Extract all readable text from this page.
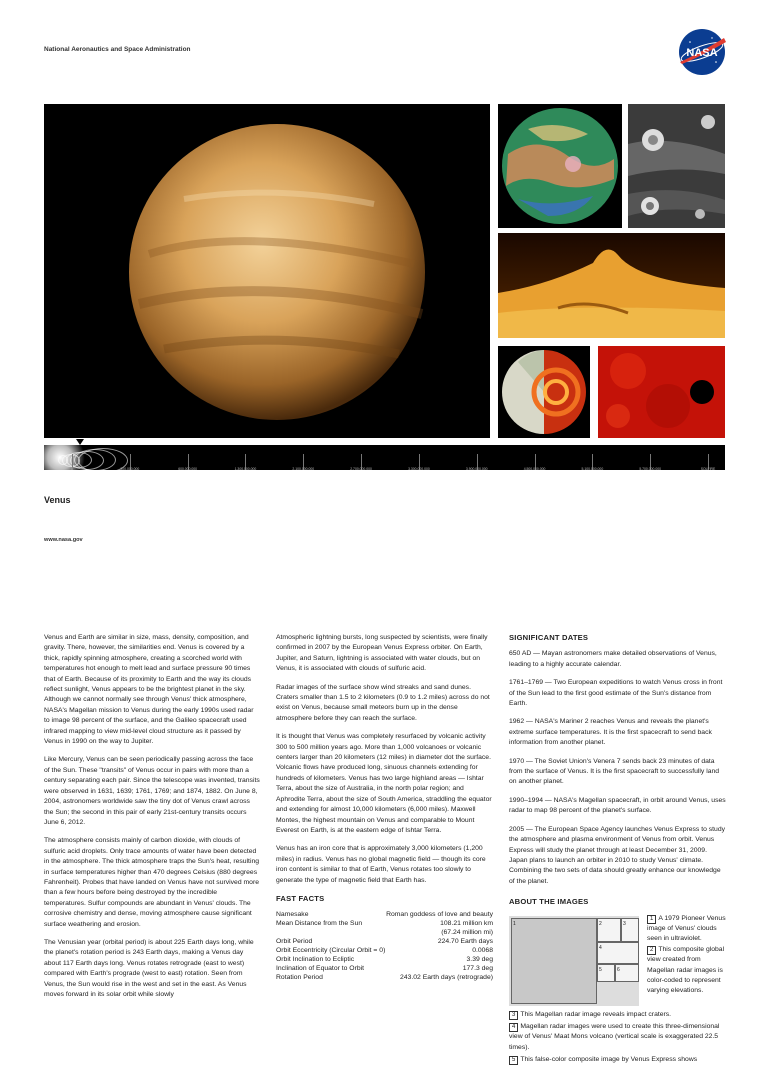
National Aeronautics and Space Administration	NASA
0	300,000,000	600,000,000	1,300,000,000	2,100,000,000	2,700,000,000	3,300,000,000	3,900,000,000	4,500,000,000	5,100,000,000	5,700,000,000	SOLFIRE
Venus
www.nasa.gov

Venus and Earth are similar in size, mass, density, composition, and gravity. There, however, the similarities end. Venus is covered by a thick, rapidly spinning atmosphere, creating a scorched world with temperatures hot enough to melt lead and surface pressure 90 times that of Earth. Because of its proximity to Earth and the way its clouds reflect sunlight, Venus appears to be the brightest planet in the sky. Although we cannot normally see through Venus' thick atmosphere, NASA's Magellan mission to Venus during the early 1990s used radar to image 98 percent of the surface, and the Galileo spacecraft used infrared mapping to view mid-level cloud structure as it passed by Venus in 1990 on the way to Jupiter.

Like Mercury, Venus can be seen periodically passing across the face of the Sun. These "transits" of Venus occur in pairs with more than a century separating each pair. Since the telescope was invented, transits were observed in 1631, 1639; 1761, 1769; and 1874, 1882. On June 8, 2004, astronomers worldwide saw the tiny dot of Venus crawl across the Sun; the second in this pair of early 21st-century transits occurs June 6, 2012.

The atmosphere consists mainly of carbon dioxide, with clouds of sulfuric acid droplets. Only trace amounts of water have been detected in the atmosphere. The thick atmosphere traps the Sun's heat, resulting in surface temperatures higher than 470 degrees Celsius (880 degrees Fahrenheit). Probes that have landed on Venus have not survived more than a few hours before being destroyed by the incredible temperatures. Sulfur compounds are abundant in Venus' clouds. The corrosive chemistry and dense, moving atmosphere cause significant surface weathering and erosion.

The Venusian year (orbital period) is about 225 Earth days long, while the planet's rotation period is 243 Earth days, making a Venus day about 117 Earth days long. Venus rotates retrograde (east to west) compared with Earth's prograde (west to east) rotation. Seen from Venus, the Sun would rise in the west and set in the east. As Venus moves forward in its solar orbit while slowly

Atmospheric lightning bursts, long suspected by scientists, were finally confirmed in 2007 by the European Venus Express orbiter. On Earth, Jupiter, and Saturn, lightning is associated with water clouds, but on Venus, it is associated with clouds of sulfuric acid.

Radar images of the surface show wind streaks and sand dunes. Craters smaller than 1.5 to 2 kilometers (0.9 to 1.2 miles) across do not exist on Venus, because small meteors burn up in the dense atmosphere before they can reach the surface.

It is thought that Venus was completely resurfaced by volcanic activity 300 to 500 million years ago. More than 1,000 volcanoes or volcanic centers larger than 20 kilometers (12 miles) in diameter dot the surface. Volcanic flows have produced long, sinuous channels extending for hundreds of kilometers. Venus has two large highland areas — Ishtar Terra, about the size of Australia, in the north polar region; and Aphrodite Terra, about the size of South America, straddling the equator and extending for almost 10,000 kilometers (6,000 miles). Maxwell Montes, the highest mountain on Venus and comparable to Mount Everest on Earth, is at the eastern edge of Ishtar Terra.

Venus has an iron core that is approximately 3,000 kilometers (1,200 miles) in radius. Venus has no global magnetic field — though its core iron content is similar to that of Earth, Venus rotates too slowly to generate the type of magnetic field that Earth has.

FAST FACTS
Namesake	Roman goddess of love and beauty
Mean Distance from the Sun	108.21 million km
	(67.24 million mi)
Orbit Period	224.70 Earth days
Orbit Eccentricity (Circular Orbit = 0)	0.0068
Orbit Inclination to Ecliptic	3.39 deg
Inclination of Equator to Orbit	177.3 deg
Rotation Period	243.02 Earth days (retrograde)
SIGNIFICANT DATES

650 AD — Mayan astronomers make detailed observations of Venus, leading to a highly accurate calendar.

1761–1769 — Two European expeditions to watch Venus cross in front of the Sun lead to the first good estimate of the Sun's distance from Earth.

1962 — NASA's Mariner 2 reaches Venus and reveals the planet's extreme surface temperatures. It is the first spacecraft to send back information from another planet.

1970 — The Soviet Union's Venera 7 sends back 23 minutes of data from the surface of Venus. It is the first spacecraft to successfully land on another planet.

1990–1994 — NASA's Magellan spacecraft, in orbit around Venus, uses radar to map 98 percent of the planet's surface.

2005 — The European Space Agency launches Venus Express to study the atmosphere and plasma environment of Venus from orbit. Venus Express will study the planet through at least December 31, 2009. Japan plans to launch an orbiter in 2010 to study Venus' climate. Combining the two sets of data should greatly enhance our knowledge of the planet.

ABOUT THE IMAGES
1	2	3
4
5	6

1 A 1979 Pioneer Venus image of Venus' clouds seen in ultraviolet.

2 This composite global view created from Magellan radar images is color-coded to represent varying elevations.

3 This Magellan radar image reveals impact craters.

4 Magellan radar images were used to create this three-dimensional view of Venus' Maat Mons volcano (vertical scale is exaggerated 22.5 times).

5 This false-color composite image by Venus Express shows
